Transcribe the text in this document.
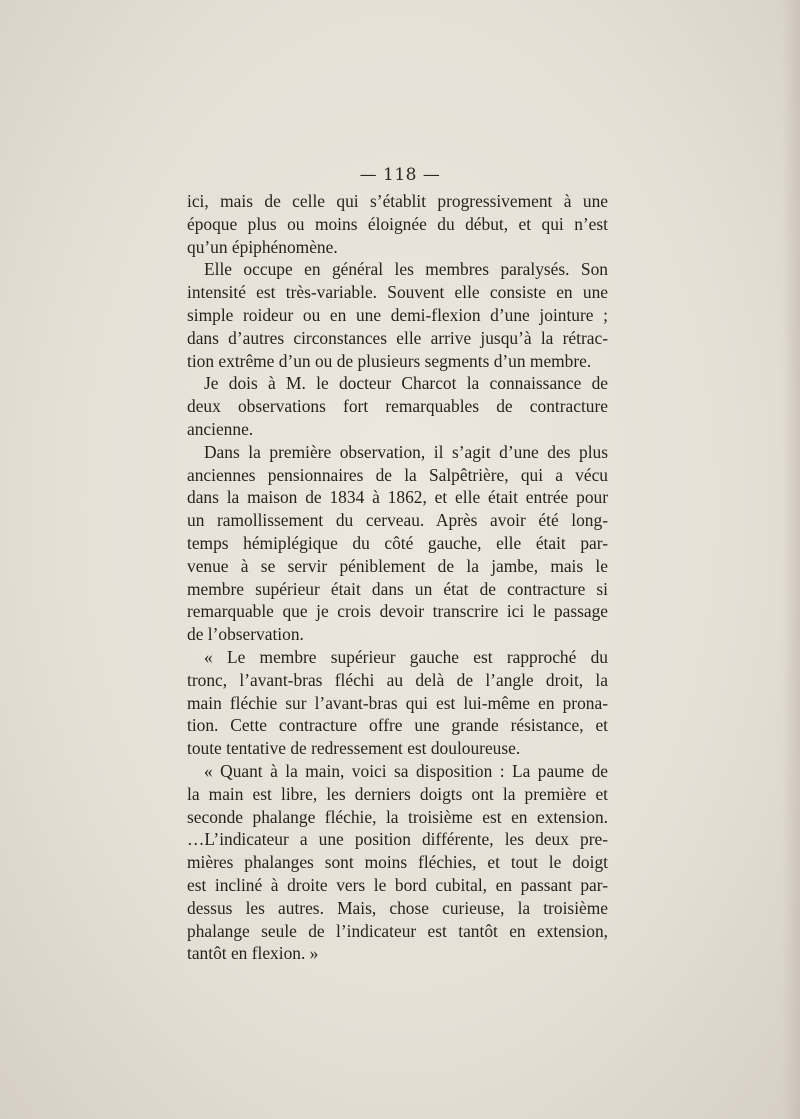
— 118 —
ici, mais de celle qui s’établit progressivement à une
époque plus ou moins éloignée du début, et qui n’est
qu’un épiphénomène.
Elle occupe en général les membres paralysés. Son
intensité est très-variable. Souvent elle consiste en une
simple roideur ou en une demi-flexion d’une jointure ;
dans d’autres circonstances elle arrive jusqu’à la rétrac-
tion extrême d’un ou de plusieurs segments d’un membre.
Je dois à M. le docteur Charcot la connaissance de
deux observations fort remarquables de contracture
ancienne.
Dans la première observation, il s’agit d’une des plus
anciennes pensionnaires de la Salpêtrière, qui a vécu
dans la maison de 1834 à 1862, et elle était entrée pour
un ramollissement du cerveau. Après avoir été long-
temps hémiplégique du côté gauche, elle était par-
venue à se servir péniblement de la jambe, mais le
membre supérieur était dans un état de contracture si
remarquable que je crois devoir transcrire ici le passage
de l’observation.
« Le membre supérieur gauche est rapproché du
tronc, l’avant-bras fléchi au delà de l’angle droit, la
main fléchie sur l’avant-bras qui est lui-même en prona-
tion. Cette contracture offre une grande résistance, et
toute tentative de redressement est douloureuse.
« Quant à la main, voici sa disposition : La paume de
la main est libre, les derniers doigts ont la première et
seconde phalange fléchie, la troisième est en extension.
…L’indicateur a une position différente, les deux pre-
mières phalanges sont moins fléchies, et tout le doigt
est incliné à droite vers le bord cubital, en passant par-
dessus les autres. Mais, chose curieuse, la troisième
phalange seule de l’indicateur est tantôt en extension,
tantôt en flexion. »
